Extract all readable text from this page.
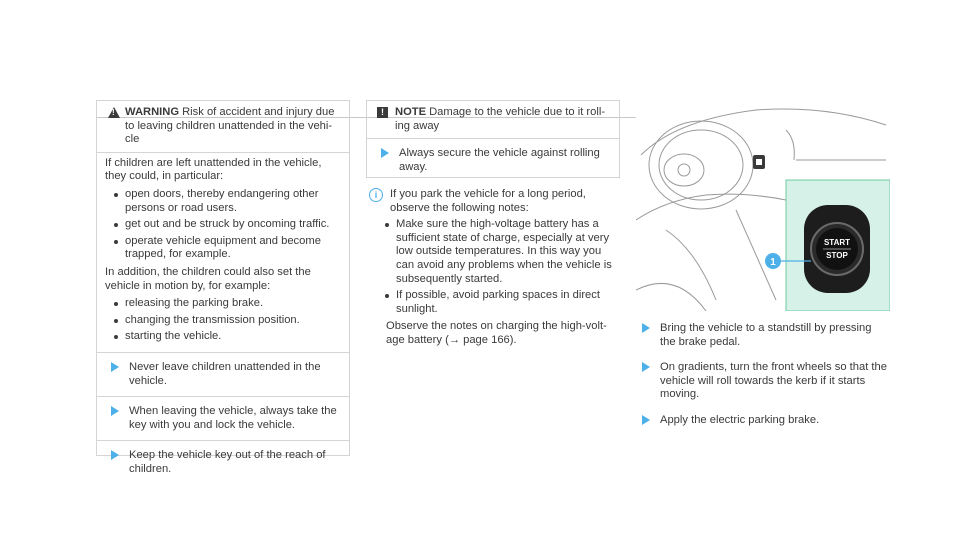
!
WARNING Risk of accident and injury due to leaving children unattended in the vehi- cle

If children are left unattended in the vehicle, they could, in particular:

open doors, thereby endangering other persons or road users.
get out and be struck by oncoming traffic.
operate vehicle equipment and become trapped, for example.

In addition, the children could also set the vehicle in motion by, for example:

releasing the parking brake.
changing the transmission position.
starting the vehicle.
Never leave children unattended in the vehicle.
When leaving the vehicle, always take the key with you and lock the vehicle.
Keep the vehicle key out of the reach of children.
! NOTE Damage to the vehicle due to it roll- ing away
Always secure the vehicle against rolling away.
i	If you park the vehicle for a long period, observe the following notes:
Make sure the high-voltage battery has a sufficient state of charge, especially at very low outside temperatures. In this way you can avoid any problems when the vehicle is subsequently started.
If possible, avoid parking spaces in direct sunlight.

Observe the notes on charging the high-volt- age battery (→ page 166).

START
STOP
1
Bring the vehicle to a standstill by pressing the brake pedal.
On gradients, turn the front wheels so that the vehicle will roll towards the kerb if it starts moving.
Apply the electric parking brake.
